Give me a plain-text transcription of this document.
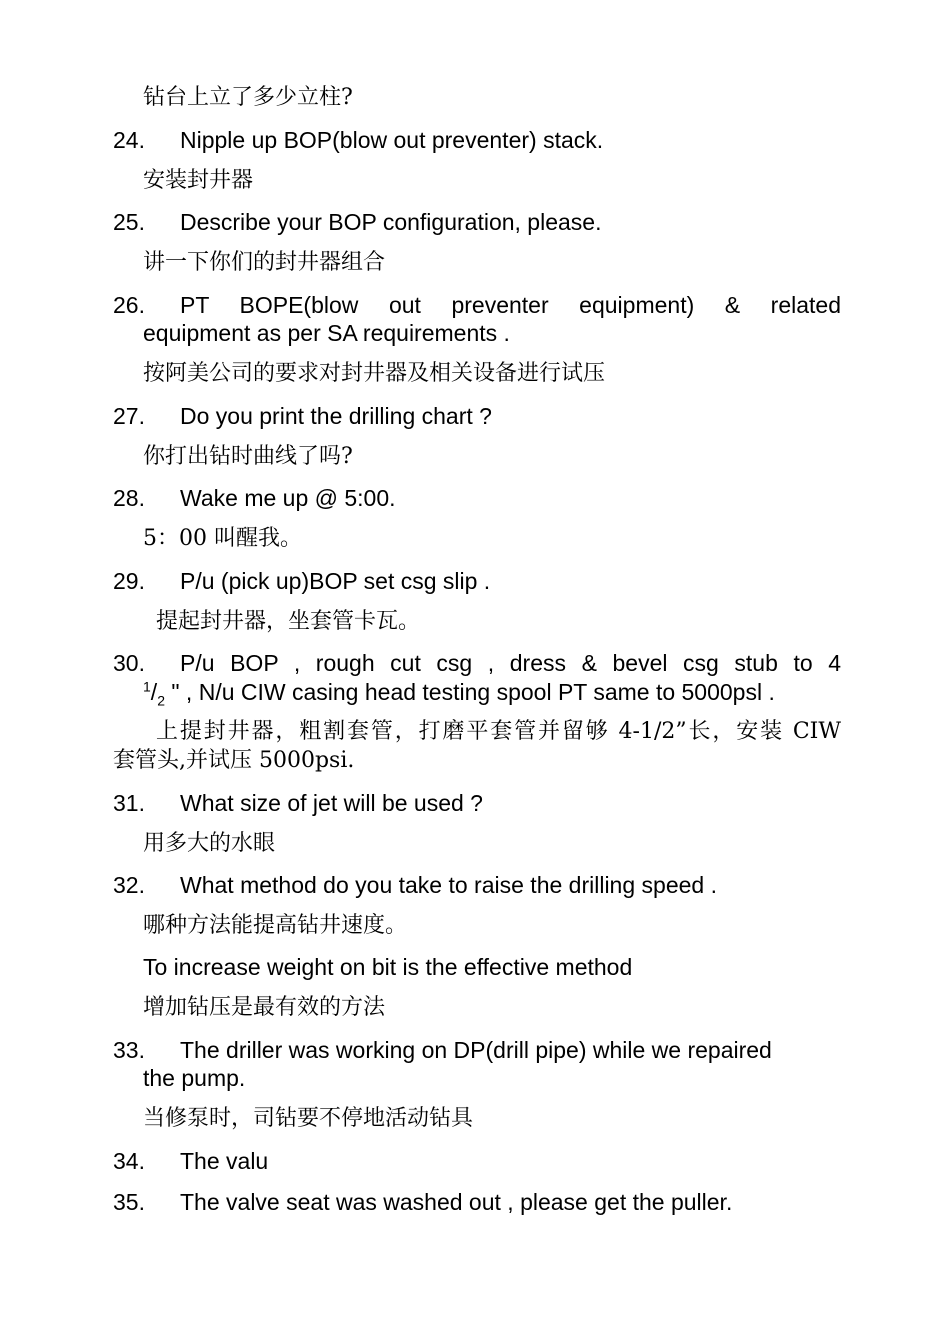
钻台上立了多少立柱?
24. Nipple up BOP(blow out preventer) stack.
安装封井器
25. Describe your BOP configuration, please.
讲一下你们的封井器组合
26. PT BOPE(blow out preventer equipment) & related
equipment as per SA requirements .
按阿美公司的要求对封井器及相关设备进行试压
27. Do you print the drilling chart ?
你打出钻时曲线了吗?
28. Wake me up @ 5:00.
5：00 叫醒我。
29. P/u (pick up)BOP set csg slip .
提起封井器，坐套管卡瓦。
30. P/u BOP , rough cut csg , dress & bevel csg stub to 4
$^1/_2$ " , N/u CIW casing head testing spool PT same to 5000psl .
上提封井器，粗割套管，打磨平套管并留够 4-1/2”长，安装 CIW
套管头,并试压 5000psi.
31. What size of jet will be used ?
用多大的水眼
32. What method do you take to raise the drilling speed .
哪种方法能提高钻井速度。
To increase weight on bit is the effective method
增加钻压是最有效的方法
33. The driller was working on DP(drill pipe) while we repaired
the pump.
当修泵时，司钻要不停地活动钻具
34. The valu
35. The valve seat was washed out , please get the puller.
